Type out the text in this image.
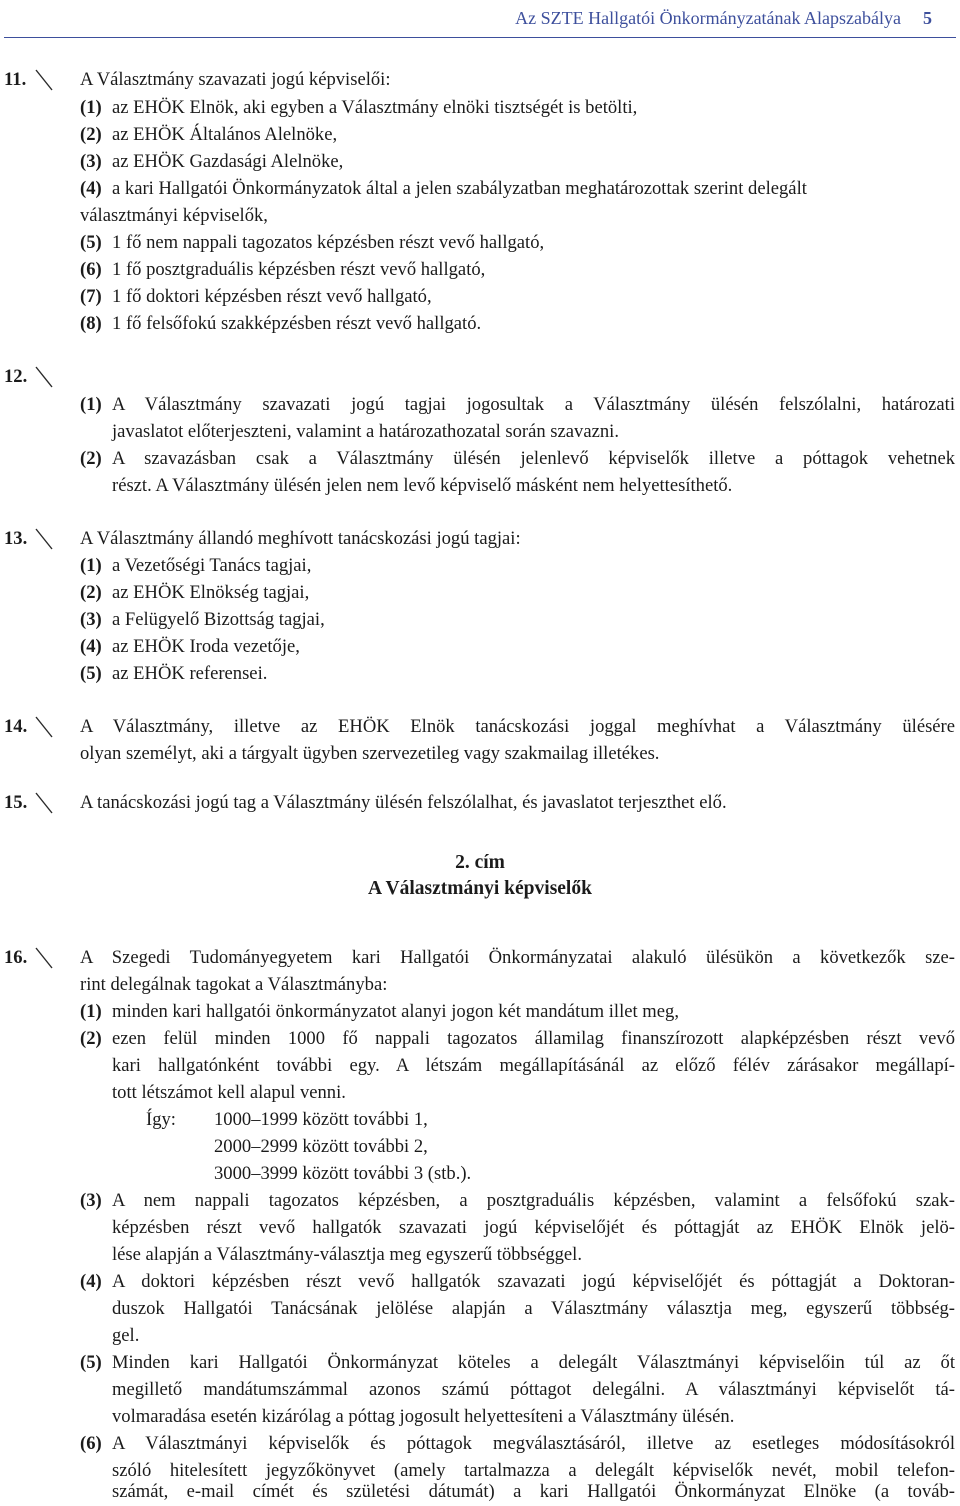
Az SZTE Hallgatói Önkormányzatának Alapszabálya 5
11.	A Választmány szavazati jogú képviselői:
(1) az EHÖK Elnök, aki egyben a Választmány elnöki tisztségét is betölti,
(2) az EHÖK Általános Alelnöke,
(3) az EHÖK Gazdasági Alelnöke,
(4) a kari Hallgatói Önkormányzatok által a jelen szabályzatban meghatározottak szerint delegált
választmányi képviselők,
(5) 1 fő nem nappali tagozatos képzésben részt vevő hallgató,
(6) 1 fő posztgraduális képzésben részt vevő hallgató,
(7) 1 fő doktori képzésben részt vevő hallgató,
(8) 1 fő felsőfokú szakképzésben részt vevő hallgató.
12.
(1) A Választmány szavazati jogú tagjai jogosultak a Választmány ülésén felszólalni, határozati
javaslatot előterjeszteni, valamint a határozathozatal során szavazni.
(2) A szavazásban csak a Választmány ülésén jelenlevő képviselők illetve a póttagok vehetnek
részt. A Választmány ülésén jelen nem levő képviselő másként nem helyettesíthető.
13.	A Választmány állandó meghívott tanácskozási jogú tagjai:
(1) a Vezetőségi Tanács tagjai,
(2) az EHÖK Elnökség tagjai,
(3) a Felügyelő Bizottság tagjai,
(4) az EHÖK Iroda vezetője,
(5) az EHÖK referensei.
14.	A Választmány, illetve az EHÖK Elnök tanácskozási joggal meghívhat a Választmány ülésére
olyan személyt, aki a tárgyalt ügyben szervezetileg vagy szakmailag illetékes.
15.	A tanácskozási jogú tag a Választmány ülésén felszólalhat, és javaslatot terjeszthet elő.
2. cím
A Választmányi képviselők
16.	A Szegedi Tudományegyetem kari Hallgatói Önkormányzatai alakuló ülésükön a következők sze-
rint delegálnak tagokat a Választmányba:
(1) minden kari hallgatói önkormányzatot alanyi jogon két mandátum illet meg,
(2) ezen felül minden 1000 fő nappali tagozatos államilag finanszírozott alapképzésben részt vevő
kari hallgatónként további egy. A létszám megállapításánál az előző félév zárásakor megállapí-
tott létszámot kell alapul venni.
Így: 1000–1999 között további 1,
2000–2999 között további 2,
3000–3999 között további 3 (stb.).
(3) A nem nappali tagozatos képzésben, a posztgraduális képzésben, valamint a felsőfokú szak-
képzésben részt vevő hallgatók szavazati jogú képviselőjét és póttagját az EHÖK Elnök jelö-
lése alapján a Választmány-választja meg egyszerű többséggel.
(4) A doktori képzésben részt vevő hallgatók szavazati jogú képviselőjét és póttagját a Doktoran-
duszok Hallgatói Tanácsának jelölése alapján a Választmány választja meg, egyszerű többség-
gel.
(5) Minden kari Hallgatói Önkormányzat köteles a delegált Választmányi képviselőin túl az őt
megillető mandátumszámmal azonos számú póttagot delegálni. A választmányi képviselőt tá-
volmaradása esetén kizárólag a póttag jogosult helyettesíteni a Választmány ülésén.
(6) A Választmányi képviselők és póttagok megválasztásáról, illetve az esetleges módosításokról
szóló hitelesített jegyzőkönyvet (amely tartalmazza a delegált képviselők nevét, mobil telefon-
számát, e-mail címét és születési dátumát) a kari Hallgatói Önkormányzat Elnöke (a továb-
